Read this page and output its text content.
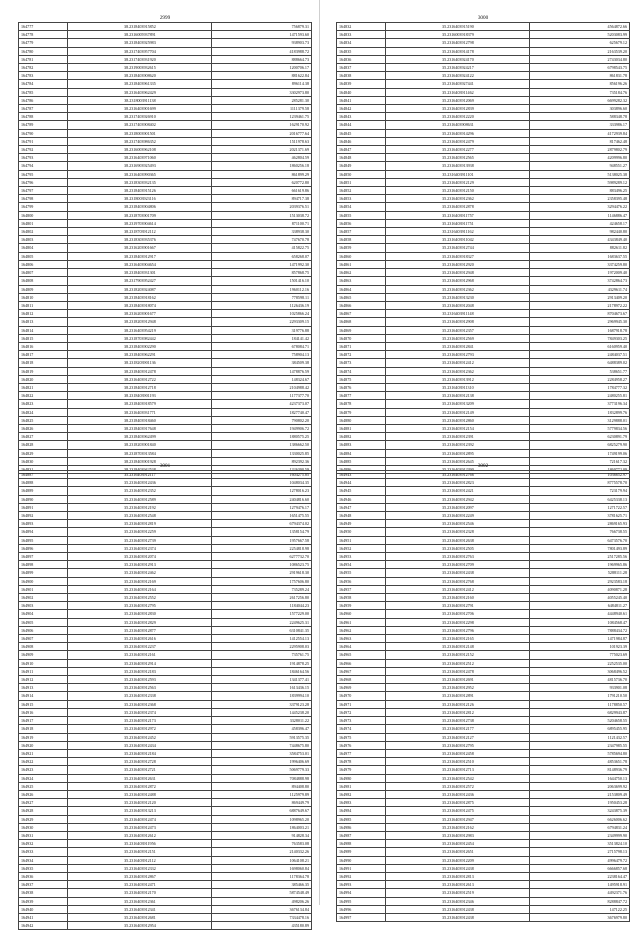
2999
164777	38.2318403915852	756879.31
164778	38.2316005937891	1471593.60
164779	38.2318403925983	938903.73
164780	38.2317403957704	4183988.72
164781	38.2317403931920	888664.73
164782	38.2319003932615	1200706.17
164783	38.2318403908620	881622.84
164784	38.2318403961335	896114.38
164785	38.2316403962429	3302973.80
164786	38.2318003911138	285281.30
164787	38.2316403901699	1111379.58
164788	38.2317403926910	1239461.75
164789	38.2317403908402	1629170.92
164790	38.2318003901501	2016777.64
164791	38.2317403986352	1511978.63
164792	38.2316003962108	2021371.69
164793	38.2316403971060	462804.59
164794	38.2316903925493	1860256.18
164795	38.2316403990365	861899.29
164796	38.2318303932135	620772.80
164797	38.2318403915126	661619.86
164798	38.2318003923116	894717.38
164799	38.2318403904806	2039376.51
164800	38.2318703901709	1513038.72
164801	38.2319703904614	871100.71
164802	38.2318703912112	338938.30
164803	38.2318303935376	747670.78
164804	38.2316203901667	415822.75
164805	38.2318403912917	658268.07
164806	38.2316403904654	1471992.30
164807	38.2318403931301	857868.75
164808	38.2317903952427	1501416.10
164809	38.2318203924087	1960112.16
164810	38.2318403918162	778598.11
164811	38.2318403918074	1126436.19
164812	38.2316203901677	1025866.24
164813	38.2318203912948	2293309.15
164814	38.2316403954219	319776.88
164815	38.2318703982442	184141.42
164816	38.2318403902290	678084.71
164817	38.2318403962291	758904.13
164818	38.2318203901136	384509.38
164819	38.2318403912478	1478876.59
164820	38.2316403912722	148324.67
164821	38.2318403912718	2104988.42
164822	38.2318403901193	1177377.70
164823	38.2318403918579	4237373.07
164824	38.2316403931771	1827740.47
164825	38.2318403918460	790802.20
164826	38.2318403917648	1949906.72
164827	38.2318403962499	1880575.25
164828	38.2318203901840	1386662.50
164829	38.2318703913584	1330025.85
164830	38.2318403901928	892392.36
164831	38.2318403942538	1326390.59
3000
164832	35.2316403915190	4564872.66
164833	35.2316003918379	5203083.99
164834	35.2316403912798	625679.12
164835	35.2316403914178	2163539.20
164836	35.2316403924170	2743034.80
164837	35.2316403924217	6798543.75
164838	35.2316403924122	861831.78
164839	35.2316403927441	856196.26
164840	35.2316403911462	735184.76
164841	35.2316403912069	6699282.32
164842	35.2316403912839	303896.60
164843	35.2316403912220	588348.78
164844	35.2316403908631	333986.17
164845	35.2316403914296	4172939.84
164846	35.2316403912479	817462.48
164847	35.2316403912277	2879802.79
164848	35.2316403912565	4209996.80
164849	35.2316403913938	948551.27
164850	35.2316403911101	5138025.38
164851	35.2316403912129	5989289.12
164852	35.2316403912150	883496.25
164853	35.2316403912362	2358395.48
164854	35.2316403912878	3294476.22
164855	35.2316403911757	1146886.47
164856	35.2316403911751	424658.17
164857	35.2316403911162	982440.80
164858	35.2316403911042	4343849.40
164859	35.2316403912744	882611.82
164860	35.2316403918327	1683637.55
164861	35.2316403912920	3374259.80
164862	35.2316403912948	1972009.40
164863	35.2316403912968	3742864.73
164864	35.2316403912362	4329611.74
164865	35.2316403913230	2913409.20
164866	35.2316403912048	2178972.22
164867	35.2316403911148	8704673.67
164868	35.2316403912908	2969945.30
164869	35.2316403912357	1687918.78
164870	35.2316403912569	7849303.25
164871	35.2316403912841	6160959.40
164872	35.2316403912793	2484037.51
164873	35.2316403912412	6488389.02
164874	35.2316403912362	538651.77
164875	35.2316403913912	2284958.27
164876	35.2316403911310	1784777.32
164877	35.2316403912138	2480255.81
164878	35.2316403913209	3773196.34
164879	35.2316403912149	1832899.76
164880	35.2316403912860	3129888.01
164881	35.2316403912154	5779834.56
164882	35.2316403912391	6230891.79
164883	35.2316403912392	6825279.90
164884	35.2316403912895	1749199.06
164885	35.2316403912645	721617.32
164886	35.2316403912390	1869772.09
3001
164887	35.2316403912117	1604275.85
164888	35.2316403912436	1048034.35
164889	35.2316403912352	1278016.23
164890	35.2316403912589	2404816.60
164891	35.2316403912192	1279476.17
164892	35.2316403912548	1651475.55
164893	35.2316403912819	6794374.02
164894	35.2316403912259	1358154.79
164895	35.2316403912739	1957667.58
164896	35.2316403912374	2254818.98
164897	35.2316403912074	6277732.70
164898	35.2316403912913	1086523.75
164899	35.2316403912462	2919618.30
164900	35.2316403912169	1757606.80
164901	35.2316403912164	735289.24
164902	35.2316403912552	2617256.80
164903	35.2316403912795	1184044.23
164904	35.2316403912830	1577229.00
164905	35.2316403912829	2249625.31
164906	35.2316403912877	6310841.35
164907	35.2316403912616	1412554.13
164908	35.2316403912237	2295908.03
164909	35.2316403912161	735761.75
164910	35.2316403912914	1914878.25
164911	35.2316403912183	1846164.56
164912	35.2316403912593	1341377.41
164913	35.2316403912563	1613436.15
164914	35.2316403912338	1839994.10
164915	35.2316403912368	3379123.28
164916	35.2316403912374	1445238.20
164917	35.2316403912173	3328011.22
164918	35.2316403912972	458396.47
164919	35.2316403912452	5913575.35
164920	35.2316403912434	7448675.80
164921	35.2316403912184	3584753.01
164922	35.2316403912728	1996406.69
164923	35.2316403912721	5069779.33
164924	35.2316403912631	7084888.98
164925	35.2316403912872	894408.80
164926	35.2316403912488	1125979.89
164927	35.2316403912120	869449.79
164928	35.2316403913213	6887649.67
164929	35.2316403912474	1098965.20
164930	35.2316403912473	1864003.21
164931	35.2316403912612	914828.34
164932	35.2316403911956	763583.08
164933	35.2316403912151	2140332.26
164934	35.2316403912112	1064108.21
164935	35.2316403912332	1698060.84
164936	35.2316403912867	1178364.78
164937	35.2316403912471	385466.35
164938	35.2316403912170	5874548.49
164939	35.2316403912361	498206.26
164940	35.2316403912341	3676134.84
164941	35.2316403912681	7334478.16
164942	35.2316403912954	435180.89
3002
164943	35.2316403912766	1036652.97
164944	35.2316403912823	8775578.70
164945	35.2316403912421	723179.94
164946	35.2316403912942	6425338.13
164947	35.2316403912097	1271722.57
164948	35.2316403912249	3781625.71
164949	35.2316403912546	2869165.93
164950	35.2316403912328	766738.55
164951	35.2316403912638	6473576.70
164952	35.2316403912505	7801493.89
164953	35.2316403912763	2517285.56
164954	35.2316403912709	1969965.86
164955	35.2316403912438	5288111.28
164956	35.2316403912768	2923583.18
164957	35.2316403912412	4090871.28
164958	35.2316403912160	4055245.40
164959	35.2316403912791	6484811.27
164960	35.2316403912706	4448940.61
164961	35.2316403912298	1084568.47
164962	35.2316403912796	7888434.72
164963	35.2316403912165	1471984.87
164964	35.2316403912148	101923.39
164965	35.2316403912152	775023.69
164966	35.2316403912512	2252535.00
164967	35.2316403912478	3068496.52
164968	35.2316403912691	4815736.70
164969	35.2316403912952	933901.08
164970	35.2316403912891	1791210.50
164971	35.2316403912126	1178850.57
164972	35.2316403912812	6829943.87
164973	35.2316403912738	5204658.55
164974	35.2316403912177	6895455.95
164975	35.2316403912127	1121432.57
164976	35.2316403912795	2347985.55
164977	35.2316403912458	5785694.80
164978	35.2316403912510	4853651.78
164979	35.2316403912713	8148936.79
164980	35.2316403912542	1644750.13
164981	35.2316403912572	2063699.92
164982	35.2316403912436	2153809.49
164983	35.2316403912875	1950453.28
164984	35.2316403912475	3243875.39
164985	35.2316403912947	6626006.62
164986	35.2316403912162	6794831.24
164987	35.2316403912983	2349999.90
164988	35.2316403912454	3513824.10
164989	35.2316403912651	2715798.13
164990	35.2316403912209	4996479.72
164991	35.2316403912438	6666857.68
164992	35.2316403912813	2238164.47
164993	35.2316403912613	1495918.91
164994	35.2316403912519	4492371.76
164995	35.2316403912346	8288847.72
164996	35.2316403912438	147122.25
164997	35.2316403912438	3676979.80
